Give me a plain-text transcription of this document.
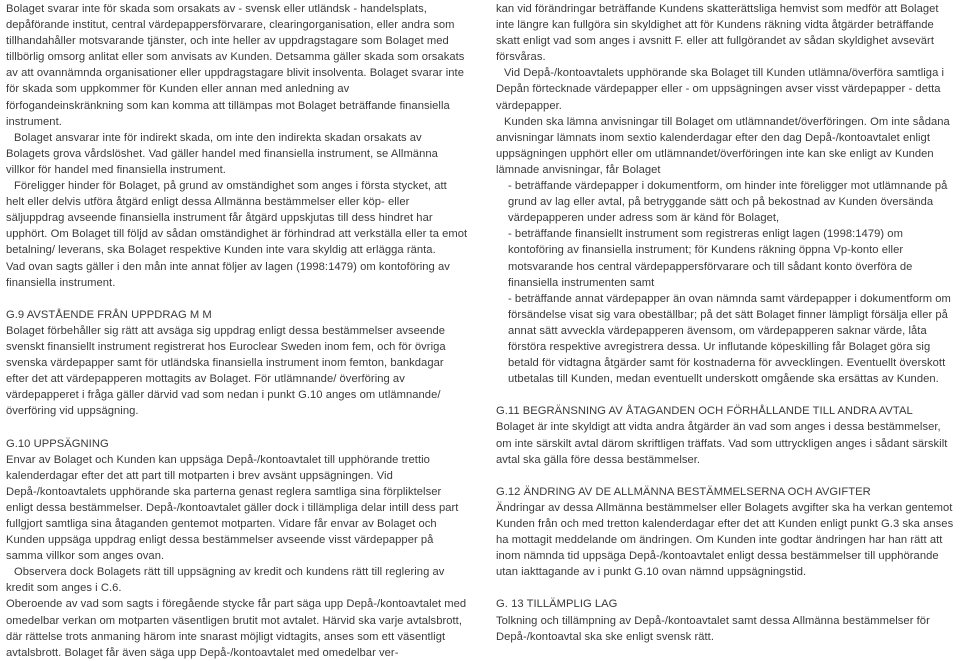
Bolaget svarar inte för skada som orsakats av - svensk eller utländsk - handelsplats, depåförande institut, central värdepappersförvarare, clearingorganisation, eller andra som tillhandahåller motsvarande tjänster, och inte heller av uppdragstagare som Bolaget med tillbörlig omsorg anlitat eller som anvisats av Kunden. Detsamma gäller skada som orsakats av att ovannämnda organisationer eller uppdragstagare blivit insolventa. Bolaget svarar inte för skada som uppkommer för Kunden eller annan med anledning av förfogandeinskränkning som kan komma att tillämpas mot Bolaget beträffande finansiella instrument.

Bolaget ansvarar inte för indirekt skada, om inte den indirekta skadan orsakats av Bolagets grova vårdslöshet. Vad gäller handel med finansiella instrument, se Allmänna villkor för handel med finansiella instrument.

Föreligger hinder för Bolaget, på grund av omständighet som anges i första stycket, att helt eller delvis utföra åtgärd enligt dessa Allmänna bestämmelser eller köp- eller säljuppdrag avseende finansiella instrument får åtgärd uppskjutas till dess hindret har upphört. Om Bolaget till följd av sådan omständighet är förhindrad att verkställa eller ta emot betalning/ leverans, ska Bolaget respektive Kunden inte vara skyldig att erlägga ränta.

Vad ovan sagts gäller i den mån inte annat följer av lagen (1998:1479) om kontoföring av finansiella instrument.

G.9 AVSTÅENDE FRÅN UPPDRAG M M

Bolaget förbehåller sig rätt att avsäga sig uppdrag enligt dessa bestämmelser avseende svenskt finansiellt instrument registrerat hos Euroclear Sweden inom fem, och för övriga svenska värdepapper samt för utländska finansiella instrument inom femton, bankdagar efter det att värdepapperen mottagits av Bolaget. För utlämnande/ överföring av värdepapperet i fråga gäller därvid vad som nedan i punkt G.10 anges om utlämnande/ överföring vid uppsägning.

G.10 UPPSÄGNING

Envar av Bolaget och Kunden kan uppsäga Depå-/kontoavtalet till upphörande trettio kalenderdagar efter det att part till motparten i brev avsänt uppsägningen. Vid Depå-/kontoavtalets upphörande ska parterna genast reglera samtliga sina förpliktelser enligt dessa bestämmelser. Depå-/kontoavtalet gäller dock i tillämpliga delar intill dess part fullgjort samtliga sina åtaganden gentemot motparten. Vidare får envar av Bolaget och Kunden uppsäga uppdrag enligt dessa bestämmelser avseende visst värdepapper på samma villkor som anges ovan.

Observera dock Bolagets rätt till uppsägning av kredit och kundens rätt till reglering av kredit som anges i C.6.

Oberoende av vad som sagts i föregående stycke får part säga upp Depå-/kontoavtalet med omedelbar verkan om motparten väsentligen brutit mot avtalet. Härvid ska varje avtalsbrott, där rättelse trots anmaning härom inte snarast möjligt vidtagits, anses som ett väsentligt avtalsbrott. Bolaget får även säga upp Depå-/kontoavtalet med omedelbar ver-

kan vid förändringar beträffande Kundens skatterättsliga hemvist som medför att Bolaget inte längre kan fullgöra sin skyldighet att för Kundens räkning vidta åtgärder beträffande skatt enligt vad som anges i avsnitt F. eller att fullgörandet av sådan skyldighet avsevärt försvåras.

Vid Depå-/kontoavtalets upphörande ska Bolaget till Kunden utlämna/överföra samtliga i Depån förtecknade värdepapper eller - om uppsägningen avser visst värdepapper - detta värdepapper.

Kunden ska lämna anvisningar till Bolaget om utlämnandet/överföringen. Om inte sådana anvisningar lämnats inom sextio kalenderdagar efter den dag Depå-/kontoavtalet enligt uppsägningen upphört eller om utlämnandet/överföringen inte kan ske enligt av Kunden lämnade anvisningar, får Bolaget

- beträffande värdepapper i dokumentform, om hinder inte föreligger mot utlämnande på grund av lag eller avtal, på betryggande sätt och på bekostnad av Kunden översända värdepapperen under adress som är känd för Bolaget,

- beträffande finansiellt instrument som registreras enligt lagen (1998:1479) om kontoföring av finansiella instrument; för Kundens räkning öppna Vp-konto eller motsvarande hos central värdepappersförvarare och till sådant konto överföra de finansiella instrumenten samt

- beträffande annat värdepapper än ovan nämnda samt värdepapper i dokumentform om försändelse visat sig vara obeställbar; på det sätt Bolaget finner lämpligt försälja eller på annat sätt avveckla värdepapperen ävensom, om värdepapperen saknar värde, låta förstöra respektive avregistrera dessa. Ur influtande köpeskilling får Bolaget göra sig betald för vidtagna åtgärder samt för kostnaderna för avvecklingen. Eventuellt överskott utbetalas till Kunden, medan eventuellt underskott omgående ska ersättas av Kunden.

G.11 BEGRÄNSNING AV ÅTAGANDEN OCH FÖRHÅLLANDE TILL ANDRA AVTAL

Bolaget är inte skyldigt att vidta andra åtgärder än vad som anges i dessa bestämmelser, om inte särskilt avtal därom skriftligen träffats. Vad som uttryckligen anges i sådant särskilt avtal ska gälla före dessa bestämmelser.

G.12 ÄNDRING AV DE ALLMÄNNA BESTÄMMELSERNA OCH AVGIFTER

Ändringar av dessa Allmänna bestämmelser eller Bolagets avgifter ska ha verkan gentemot Kunden från och med tretton kalenderdagar efter det att Kunden enligt punkt G.3 ska anses ha mottagit meddelande om ändringen. Om Kunden inte godtar ändringen har han rätt att inom nämnda tid uppsäga Depå-/kontoavtalet enligt dessa bestämmelser till upphörande utan iakttagande av i punkt G.10 ovan nämnd uppsägningstid.

G. 13 TILLÄMPLIG LAG

Tolkning och tillämpning av Depå-/kontoavtalet samt dessa Allmänna bestämmelser för Depå-/kontoavtal ska ske enligt svensk rätt.
